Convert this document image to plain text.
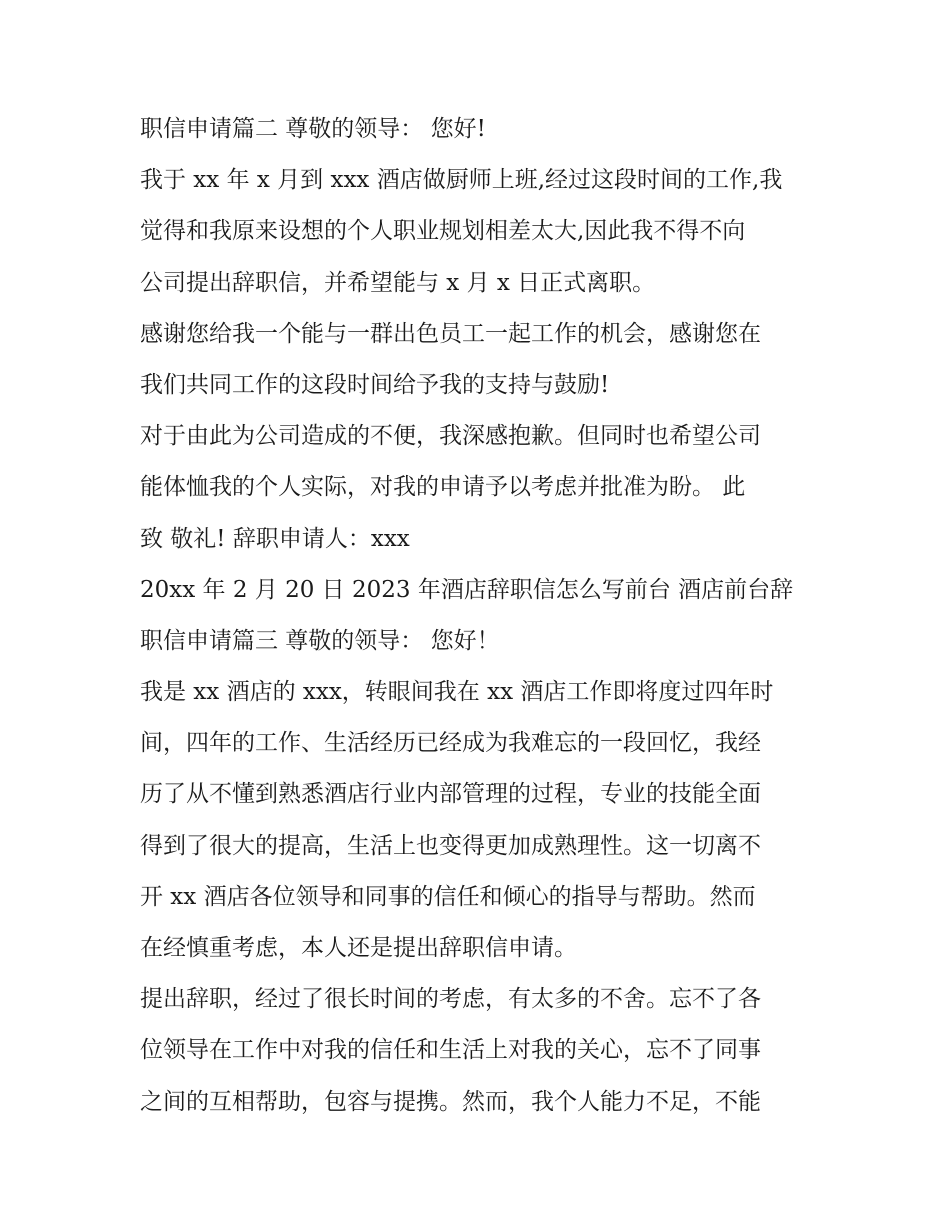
职信申请篇二 尊敬的领导： 您好!
我于 xx 年 x 月到 xxx 酒店做厨师上班,经过这段时间的工作,我
觉得和我原来设想的个人职业规划相差太大,因此我不得不向
公司提出辞职信，并希望能与 x 月 x 日正式离职。
感谢您给我一个能与一群出色员工一起工作的机会，感谢您在
我们共同工作的这段时间给予我的支持与鼓励!
对于由此为公司造成的不便，我深感抱歉。但同时也希望公司
能体恤我的个人实际，对我的申请予以考虑并批准为盼。 此
致 敬礼! 辞职申请人：xxx
20xx 年 2 月 20 日 2023 年酒店辞职信怎么写前台 酒店前台辞
职信申请篇三 尊敬的领导： 您好！
我是 xx 酒店的 xxx，转眼间我在 xx 酒店工作即将度过四年时
间，四年的工作、生活经历已经成为我难忘的一段回忆，我经
历了从不懂到熟悉酒店行业内部管理的过程，专业的技能全面
得到了很大的提高，生活上也变得更加成熟理性。这一切离不
开 xx 酒店各位领导和同事的信任和倾心的指导与帮助。然而
在经慎重考虑，本人还是提出辞职信申请。
提出辞职，经过了很长时间的考虑，有太多的不舍。忘不了各
位领导在工作中对我的信任和生活上对我的关心，忘不了同事
之间的互相帮助，包容与提携。然而，我个人能力不足，不能
